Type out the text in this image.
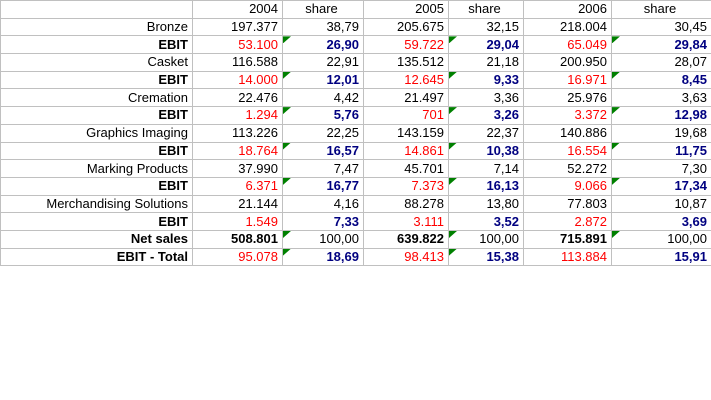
	2004	share	2005	share	2006	share
Bronze	197.377	38,79	205.675	32,15	218.004	30,45
EBIT	53.100	26,90	59.722	29,04	65.049	29,84
Casket	116.588	22,91	135.512	21,18	200.950	28,07
EBIT	14.000	12,01	12.645	9,33	16.971	8,45
Cremation	22.476	4,42	21.497	3,36	25.976	3,63
EBIT	1.294	5,76	701	3,26	3.372	12,98
Graphics Imaging	113.226	22,25	143.159	22,37	140.886	19,68
EBIT	18.764	16,57	14.861	10,38	16.554	11,75
Marking Products	37.990	7,47	45.701	7,14	52.272	7,30
EBIT	6.371	16,77	7.373	16,13	9.066	17,34
Merchandising Solutions	21.144	4,16	88.278	13,80	77.803	10,87
EBIT	1.549	7,33	3.111	3,52	2.872	3,69
Net sales	508.801	100,00	639.822	100,00	715.891	100,00
EBIT - Total	95.078	18,69	98.413	15,38	113.884	15,91
